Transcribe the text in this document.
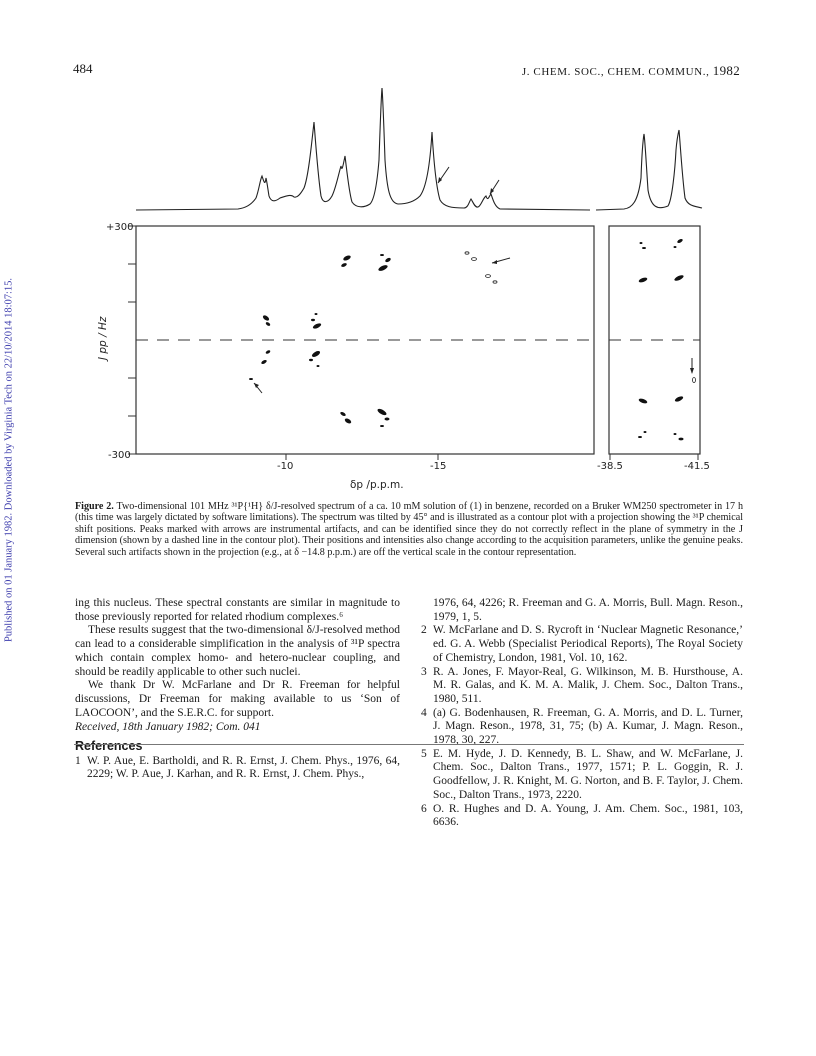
Published on 01 January 1982. Downloaded by Virginia Tech on 22/10/2014 18:07:15.
484	J. CHEM. SOC., CHEM. COMMUN., 1982
+300
-300
J pp / Hz
-10	-15	-38.5	-41.5
δp /p.p.m.
Figure 2. Two-dimensional 101 MHz ³¹P{¹H} δ/J-resolved spectrum of a ca. 10 mM solution of (1) in benzene, recorded on a Bruker WM250 spectrometer in 17 h (this time was largely dictated by software limitations). The spectrum was tilted by 45° and is illustrated as a contour plot with a projection showing the ³¹P chemical shift positions. Peaks marked with arrows are instrumental artifacts, and can be identified since they do not correctly reflect in the plane of symmetry in the J dimension (shown by a dashed line in the contour plot). Their positions and intensities also change according to the acquisition parameters, unlike the genuine peaks. Several such artifacts shown in the projection (e.g., at δ −14.8 p.p.m.) are off the vertical scale in the contour representation.

ing this nucleus. These spectral constants are similar in magnitude to those previously reported for related rhodium complexes.⁶

These results suggest that the two-dimensional δ/J-resolved method can lead to a considerable simplification in the analysis of ³¹P spectra which contain complex homo- and hetero-nuclear coupling, and should be readily applicable to other such nuclei.

We thank Dr W. McFarlane and Dr R. Freeman for helpful discussions, Dr Freeman for making available to us ‘Son of LAOCOON’, and the S.E.R.C. for support.

Received, 18th January 1982; Com. 041

References

1 W. P. Aue, E. Bartholdi, and R. R. Ernst, J. Chem. Phys., 1976, 64, 2229; W. P. Aue, J. Karhan, and R. R. Ernst, J. Chem. Phys.,

1976, 64, 4226; R. Freeman and G. A. Morris, Bull. Magn. Reson., 1979, 1, 5.

2 W. McFarlane and D. S. Rycroft in ‘Nuclear Magnetic Resonance,’ ed. G. A. Webb (Specialist Periodical Reports), The Royal Society of Chemistry, London, 1981, Vol. 10, 162.

3 R. A. Jones, F. Mayor-Real, G. Wilkinson, M. B. Hursthouse, A. M. R. Galas, and K. M. A. Malik, J. Chem. Soc., Dalton Trans., 1980, 511.

4 (a) G. Bodenhausen, R. Freeman, G. A. Morris, and D. L. Turner, J. Magn. Reson., 1978, 31, 75; (b) A. Kumar, J. Magn. Reson., 1978, 30, 227.

5 E. M. Hyde, J. D. Kennedy, B. L. Shaw, and W. McFarlane, J. Chem. Soc., Dalton Trans., 1977, 1571; P. L. Goggin, R. J. Goodfellow, J. R. Knight, M. G. Norton, and B. F. Taylor, J. Chem. Soc., Dalton Trans., 1973, 2220.

6 O. R. Hughes and D. A. Young, J. Am. Chem. Soc., 1981, 103, 6636.
